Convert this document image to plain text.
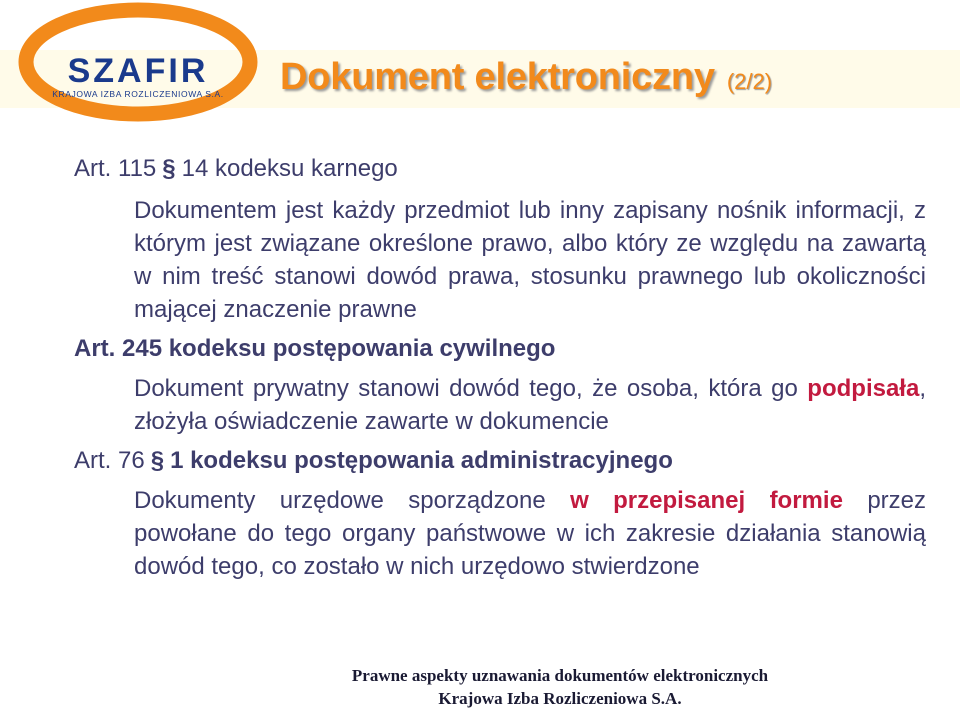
SZAFIR
KRAJOWA IZBA ROZLICZENIOWA S.A. Dokument elektroniczny (2/2)
Art. 115 § 14 kodeksu karnego
Dokumentem jest każdy przedmiot lub inny zapisany nośnik informacji, z którym jest związane określone prawo, albo który ze względu na zawartą w nim treść stanowi dowód prawa, stosunku prawnego lub okoliczności mającej znaczenie prawne
Art. 245 kodeksu postępowania cywilnego
Dokument prywatny stanowi dowód tego, że osoba, która go podpisała, złożyła oświadczenie zawarte w dokumencie
Art. 76 § 1 kodeksu postępowania administracyjnego
Dokumenty urzędowe sporządzone w przepisanej formie przez powołane do tego organy państwowe w ich zakresie działania stanowią dowód tego, co zostało w nich urzędowo stwierdzone
Prawne aspekty uznawania dokumentów elektronicznych
Krajowa Izba Rozliczeniowa S.A.
